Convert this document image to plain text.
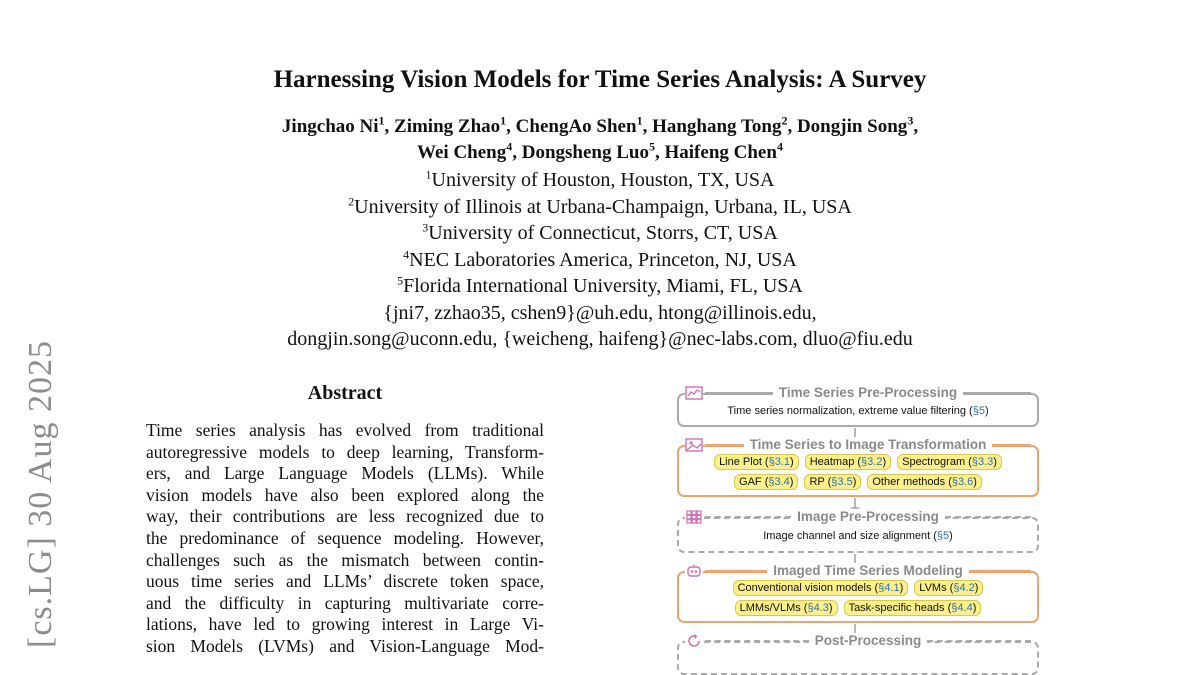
[cs.LG] 30 Aug 2025
Harnessing Vision Models for Time Series Analysis: A Survey
Jingchao Ni$^1$, Ziming Zhao$^1$, ChengAo Shen$^1$, Hanghang Tong$^2$, Dongjin Song$^3$,
Wei Cheng$^4$, Dongsheng Luo$^5$, Haifeng Chen$^4$
$^1$University of Houston, Houston, TX, USA
$^2$University of Illinois at Urbana-Champaign, Urbana, IL, USA
$^3$University of Connecticut, Storrs, CT, USA
$^4$NEC Laboratories America, Princeton, NJ, USA
$^5$Florida International University, Miami, FL, USA
{jni7, zzhao35, cshen9}@uh.edu, htong@illinois.edu,
dongjin.song@uconn.edu, {weicheng, haifeng}@nec-labs.com, dluo@fiu.edu
Abstract
Time series analysis has evolved from traditional
autoregressive models to deep learning, Transform-
ers, and Large Language Models (LLMs). While
vision models have also been explored along the
way, their contributions are less recognized due to
the predominance of sequence modeling. However,
challenges such as the mismatch between contin-
uous time series and LLMs’ discrete token space,
and the difficulty in capturing multivariate corre-
lations, have led to growing interest in Large Vi-
sion Models (LVMs) and Vision-Language Mod-
Time Series Pre-Processing
Time series normalization, extreme value filtering (§5)
Time Series to Image Transformation
Line Plot (§3.1)	Heatmap (§3.2)	Spectrogram (§3.3)
GAF (§3.4)	RP (§3.5)	Other methods (§3.6)
Image Pre-Processing
Image channel and size alignment (§5)
Imaged Time Series Modeling
Conventional vision models (§4.1)	LVMs (§4.2)
LMMs/VLMs (§4.3)	Task-specific heads (§4.4)
Post-Processing
